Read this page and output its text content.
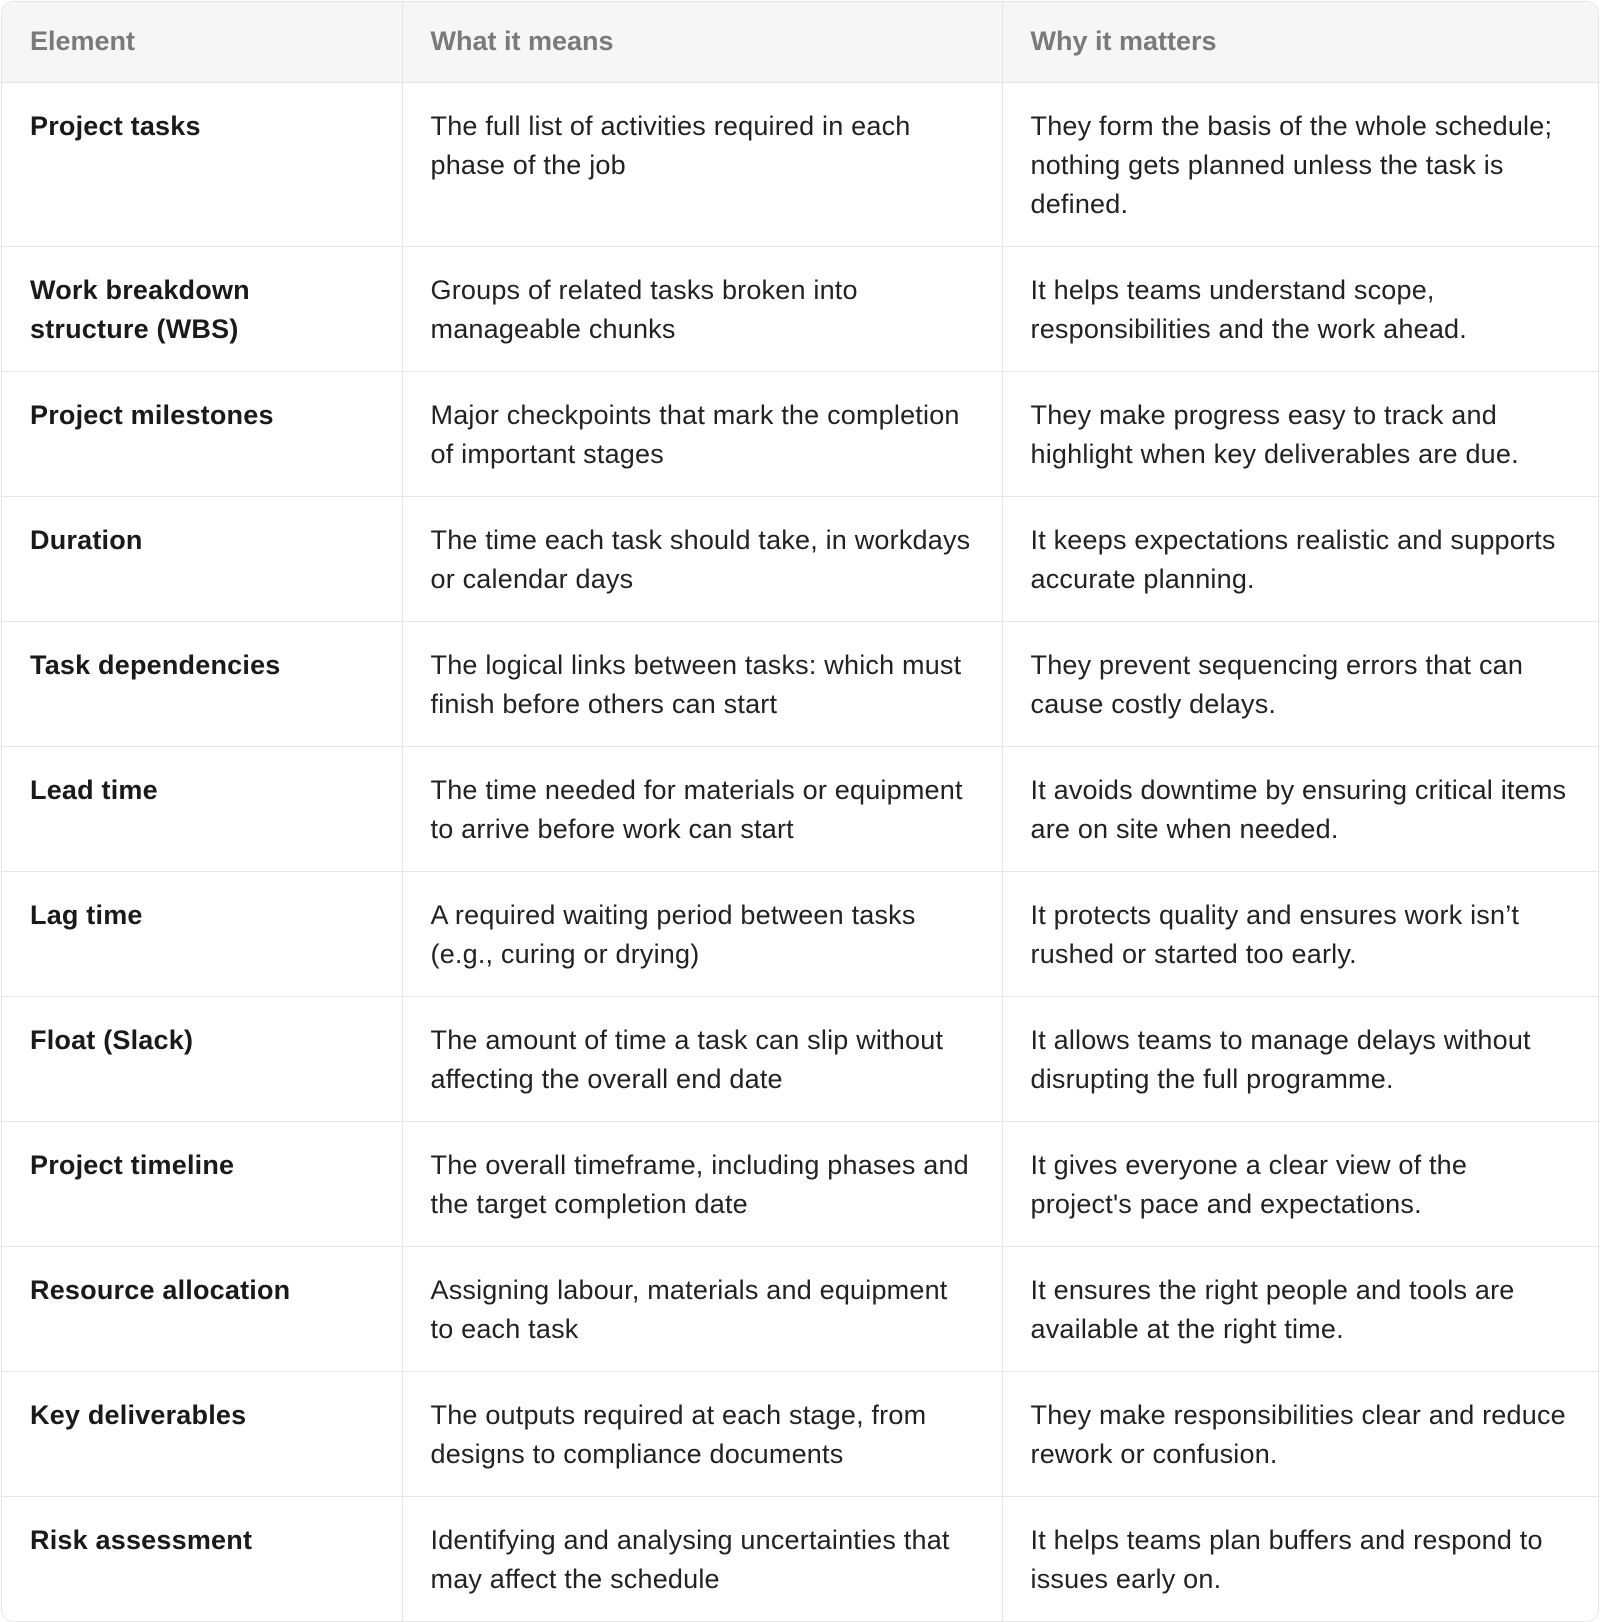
Element	What it means	Why it matters
Project tasks	The full list of activities required in each phase of the job	They form the basis of the whole schedule; nothing gets planned unless the task is defined.
Work breakdown structure (WBS)	Groups of related tasks broken into manageable chunks	It helps teams understand scope, responsibilities and the work ahead.
Project milestones	Major checkpoints that mark the completion of important stages	They make progress easy to track and highlight when key deliverables are due.
Duration	The time each task should take, in workdays or calendar days	It keeps expectations realistic and supports accurate planning.
Task dependencies	The logical links between tasks: which must finish before others can start	They prevent sequencing errors that can cause costly delays.
Lead time	The time needed for materials or equipment to arrive before work can start	It avoids downtime by ensuring critical items are on site when needed.
Lag time	A required waiting period between tasks (e.g., curing or drying)	It protects quality and ensures work isn’t rushed or started too early.
Float (Slack)	The amount of time a task can slip without affecting the overall end date	It allows teams to manage delays without disrupting the full programme.
Project timeline	The overall timeframe, including phases and the target completion date	It gives everyone a clear view of the project's pace and expectations.
Resource allocation	Assigning labour, materials and equipment to each task	It ensures the right people and tools are available at the right time.
Key deliverables	The outputs required at each stage, from designs to compliance documents	They make responsibilities clear and reduce rework or confusion.
Risk assessment	Identifying and analysing uncertainties that may affect the schedule	It helps teams plan buffers and respond to issues early on.
